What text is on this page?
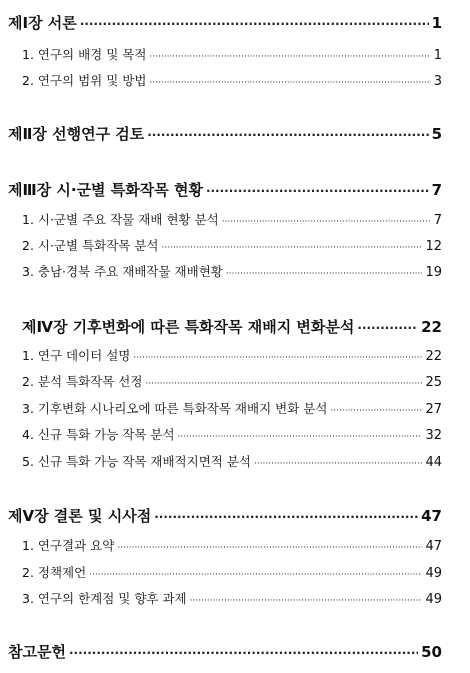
제Ⅰ장 서론 ·····	1
1. 연구의 배경 및 목적 ·····	1
2. 연구의 범위 및 방법 ·····	3
제Ⅱ장 선행연구 검토 ·····	5
제Ⅲ장 시·군별 특화작목 현황 ·····	7
1. 시·군별 주요 작물 재배 현황 분석 ·····	7
2. 시·군별 특화작목 분석 ·····	12
3. 충남·경북 주요 재배작물 재배현황 ·····	19
제Ⅳ장 기후변화에 따른 특화작목 재배지 변화분석 ·····	22
1. 연구 데이터 설명 ·····	22
2. 분석 특화작목 선정 ·····	25
3. 기후변화 시나리오에 따른 특화작목 재배지 변화 분석 ·····	27
4. 신규 특화 가능 작목 분석 ·····	32
5. 신규 특화 가능 작목 재배적지면적 분석 ·····	44
제Ⅴ장 결론 및 시사점 ·····	47
1. 연구결과 요약 ·····	47
2. 정책제언 ·····	49
3. 연구의 한계점 및 향후 과제 ·····	49
참고문헌 ·····	50
